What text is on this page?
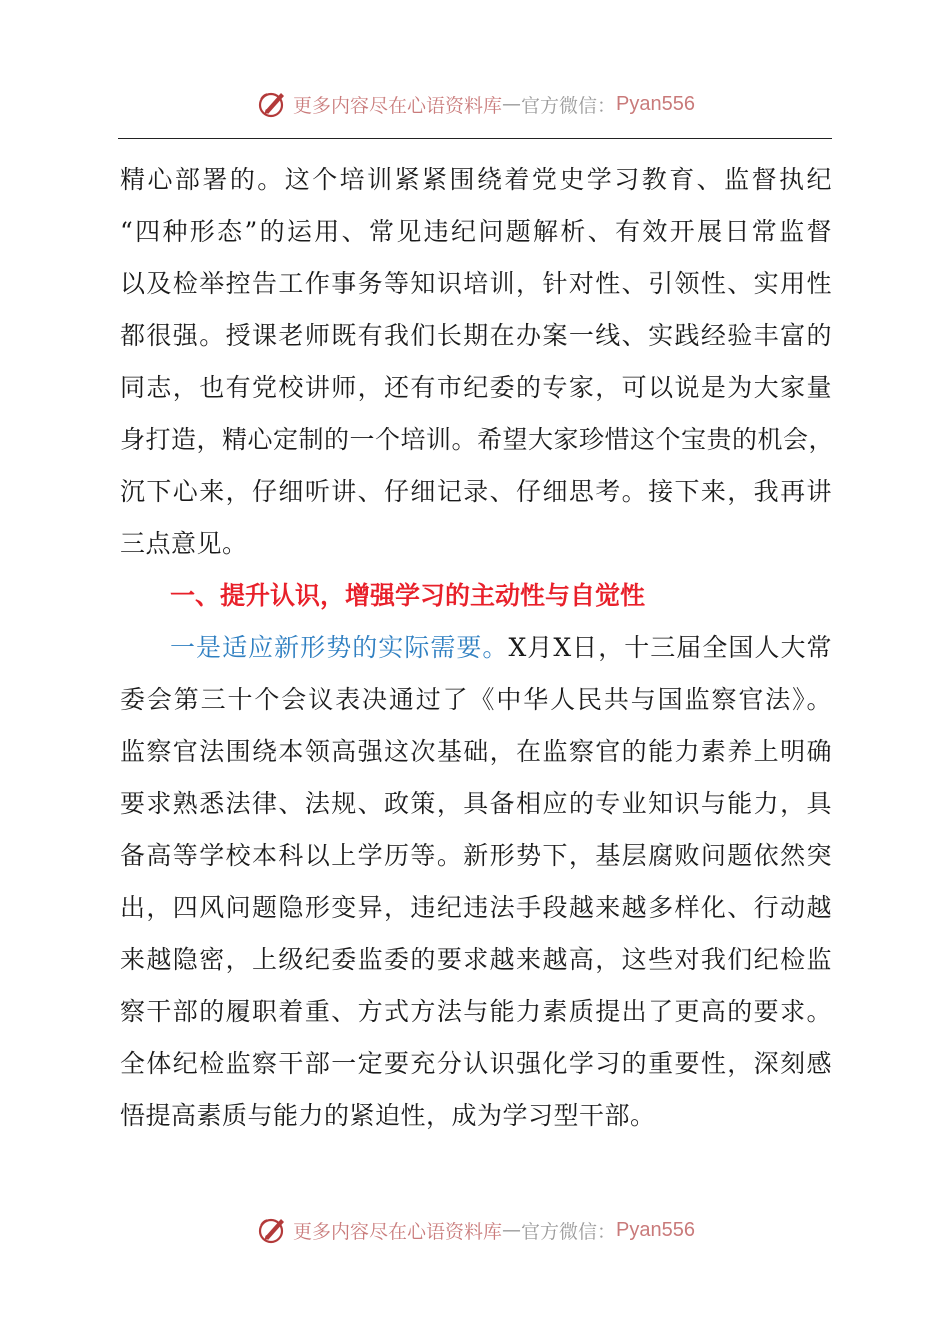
更多内容尽在心语资料库 — 官方微信： Pyan556
精心部署的。这个培训紧紧围绕着党史学习教育、监督执纪
“四种形态”的运用、常见违纪问题解析、有效开展日常监督
以及检举控告工作事务等知识培训，针对性、引领性、实用性
都很强。授课老师既有我们长期在办案一线、实践经验丰富的
同志，也有党校讲师，还有市纪委的专家，可以说是为大家量
身打造，精心定制的一个培训。希望大家珍惜这个宝贵的机会，
沉下心来，仔细听讲、仔细记录、仔细思考。接下来，我再讲
三点意见。
一、提升认识，增强学习的主动性与自觉性
一是适应新形势的实际需要。X月X日，十三届全国人大常
委会第三十个会议表决通过了《中华人民共与国监察官法》。
监察官法围绕本领高强这次基础，在监察官的能力素养上明确
要求熟悉法律、法规、政策，具备相应的专业知识与能力，具
备高等学校本科以上学历等。新形势下，基层腐败问题依然突
出，四风问题隐形变异，违纪违法手段越来越多样化、行动越
来越隐密，上级纪委监委的要求越来越高，这些对我们纪检监
察干部的履职着重、方式方法与能力素质提出了更高的要求。
全体纪检监察干部一定要充分认识强化学习的重要性，深刻感
悟提高素质与能力的紧迫性，成为学习型干部。
更多内容尽在心语资料库 — 官方微信： Pyan556
